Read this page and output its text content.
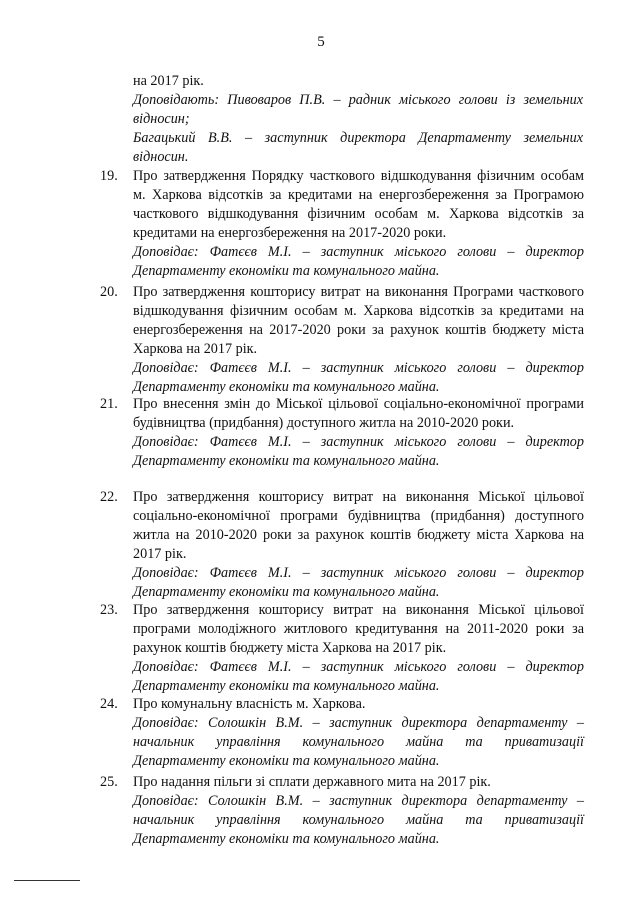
5
на 2017 рік.
Доповідають: Пивоваров П.В. – радник міського голови із земельних відносин;
Багацький В.В. – заступник директора Департаменту земельних відносин.
19.	Про затвердження Порядку часткового відшкодування фізичним особам м. Харкова відсотків за кредитами на енергозбереження за Програмою часткового відшкодування фізичним особам м. Харкова відсотків за кредитами на енергозбереження на 2017-2020 роки.
Доповідає: Фатєєв М.І. – заступник міського голови – директор Департаменту економіки та комунального майна.
20.	Про затвердження кошторису витрат на виконання Програми часткового відшкодування фізичним особам м. Харкова відсотків за кредитами на енергозбереження на 2017-2020 роки за рахунок коштів бюджету міста Харкова на 2017 рік.
Доповідає: Фатєєв М.І. – заступник міського голови – директор Департаменту економіки та комунального майна.
21.	Про внесення змін до Міської цільової соціально-економічної програми будівництва (придбання) доступного житла на 2010-2020 роки.
Доповідає: Фатєєв М.І. – заступник міського голови – директор Департаменту економіки та комунального майна.
22.	Про затвердження кошторису витрат на виконання Міської цільової соціально-економічної програми будівництва (придбання) доступного житла на 2010-2020 роки за рахунок коштів бюджету міста Харкова на 2017 рік.
Доповідає: Фатєєв М.І. – заступник міського голови – директор Департаменту економіки та комунального майна.
23.	Про затвердження кошторису витрат на виконання Міської цільової програми молодіжного житлового кредитування на 2011-2020 роки за рахунок коштів бюджету міста Харкова на 2017 рік.
Доповідає: Фатєєв М.І. – заступник міського голови – директор Департаменту економіки та комунального майна.
24.	Про комунальну власність м. Харкова.
Доповідає: Солошкін В.М. – заступник директора департаменту – начальник управління комунального майна та приватизації Департаменту економіки та комунального майна.
25.	Про надання пільги зі сплати державного мита на 2017 рік.
Доповідає: Солошкін В.М. – заступник директора департаменту – начальник управління комунального майна та приватизації Департаменту економіки та комунального майна.
